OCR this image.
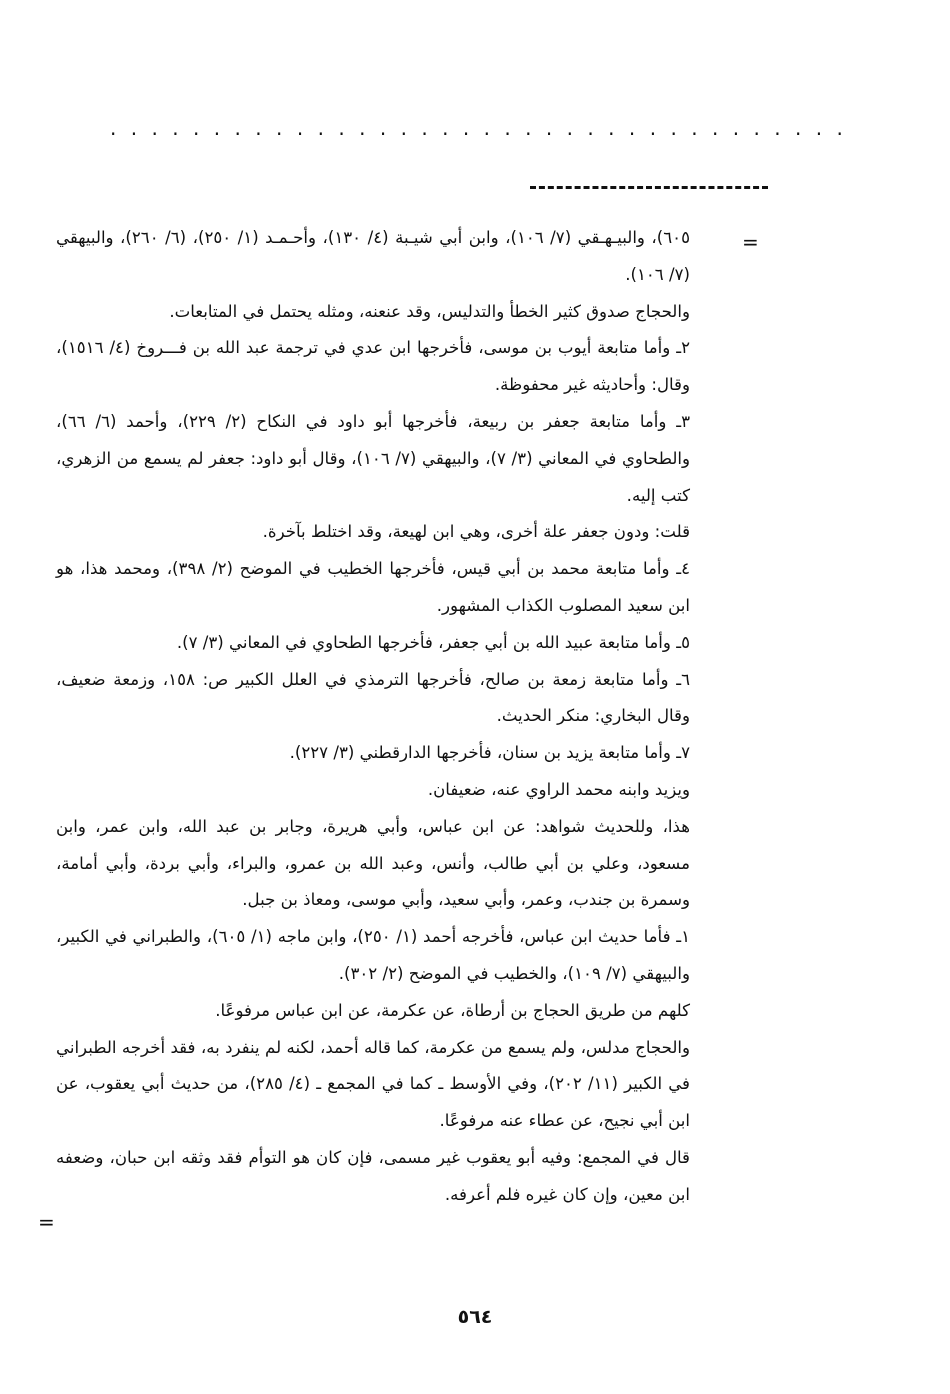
....................................
=
=

٦٠٥)، والبيـهـقي (٧/ ١٠٦)، وابن أبي شيـبة (٤/ ١٣٠)، وأحـمـد (١/ ٢٥٠)، (٦/ ٢٦٠)، والبيهقي (٧/ ١٠٦).

والحجاج صدوق كثير الخطأ والتدليس، وقد عنعنه، ومثله يحتمل في المتابعات.

٢ـ وأما متابعة أيوب بن موسى، فأخرجها ابن عدي في ترجمة عبد الله بن فـــروخ (٤/ ١٥١٦)، وقال: وأحاديثه غير محفوظة.

٣ـ وأما متابعة جعفر بن ربيعة، فأخرجها أبو داود في النكاح (٢/ ٢٢٩)، وأحمد (٦/ ٦٦)، والطحاوي في المعاني (٣/ ٧)، والبيهقي (٧/ ١٠٦)، وقال أبو داود: جعفر لم يسمع من الزهري، كتب إليه.

قلت: ودون جعفر علة أخرى، وهي ابن لهيعة، وقد اختلط بآخرة.

٤ـ وأما متابعة محمد بن أبي قيس، فأخرجها الخطيب في الموضح (٢/ ٣٩٨)، ومحمد هذا، هو ابن سعيد المصلوب الكذاب المشهور.

٥ـ وأما متابعة عبيد الله بن أبي جعفر، فأخرجها الطحاوي في المعاني (٣/ ٧).

٦ـ وأما متابعة زمعة بن صالح، فأخرجها الترمذي في العلل الكبير ص: ١٥٨، وزمعة ضعيف، وقال البخاري: منكر الحديث.

٧ـ وأما متابعة يزيد بن سنان، فأخرجها الدارقطني (٣/ ٢٢٧).

ويزيد وابنه محمد الراوي عنه، ضعيفان.

هذا، وللحديث شواهد: عن ابن عباس، وأبي هريرة، وجابر بن عبد الله، وابن عمر، وابن مسعود، وعلي بن أبي طالب، وأنس، وعبد الله بن عمرو، والبراء، وأبي بردة، وأبي أمامة، وسمرة بن جندب، وعمر، وأبي سعيد، وأبي موسى، ومعاذ بن جبل.

١ـ فأما حديث ابن عباس، فأخرجه أحمد (١/ ٢٥٠)، وابن ماجه (١/ ٦٠٥)، والطبراني في الكبير، والبيهقي (٧/ ١٠٩)، والخطيب في الموضح (٢/ ٣٠٢).

كلهم من طريق الحجاج بن أرطاة، عن عكرمة، عن ابن عباس مرفوعًا.

والحجاج مدلس، ولم يسمع من عكرمة، كما قاله أحمد، لكنه لم ينفرد به، فقد أخرجه الطبراني في الكبير (١١/ ٢٠٢)، وفي الأوسط ـ كما في المجمع ـ (٤/ ٢٨٥)، من حديث أبي يعقوب، عن ابن أبي نجيح، عن عطاء عنه مرفوعًا.

قال في المجمع: وفيه أبو يعقوب غير مسمى، فإن كان هو التوأم فقد وثقه ابن حبان، وضعفه ابن معين، وإن كان غيره فلم أعرفه.

٥٦٤
